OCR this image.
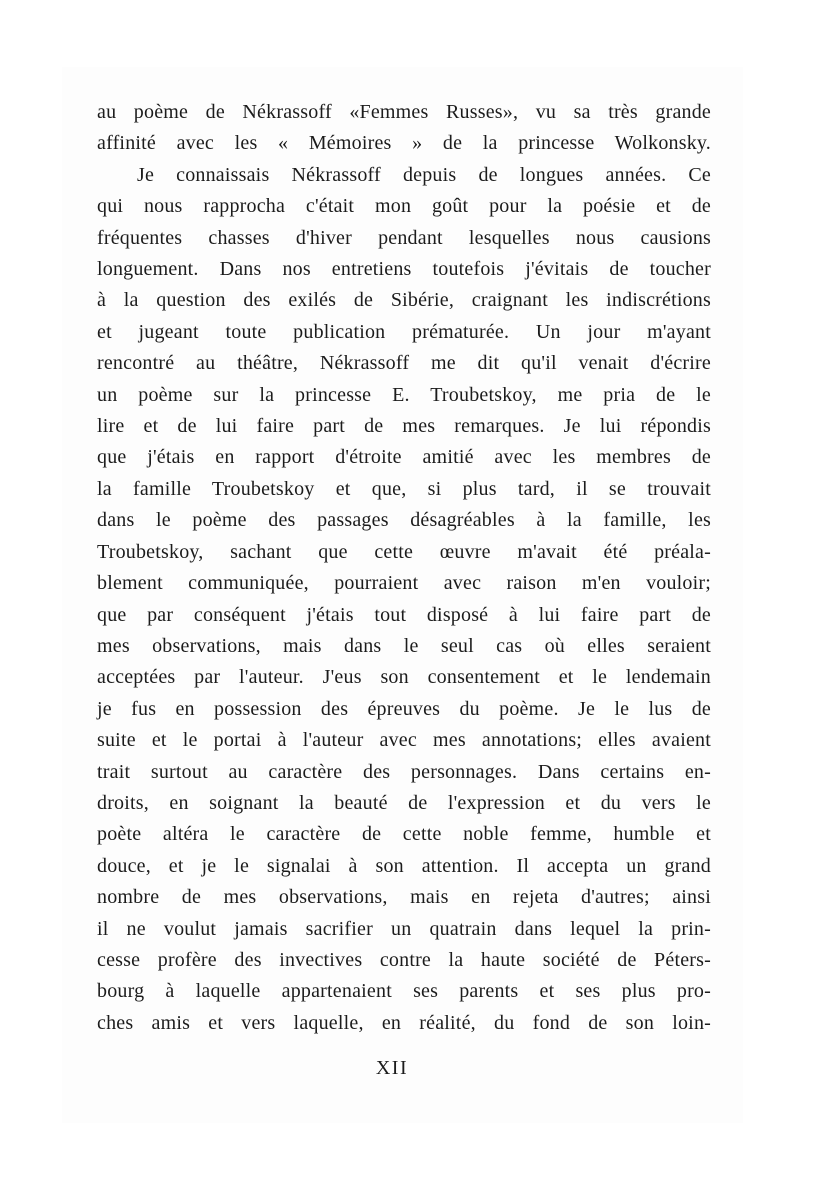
au poème de Nékrassoff «Femmes Russes», vu sa très grande
affinité avec les « Mémoires » de la princesse Wolkonsky.
Je connaissais Nékrassoff depuis de longues années. Ce
qui nous rapprocha c'était mon goût pour la poésie et de
fréquentes chasses d'hiver pendant lesquelles nous causions
longuement. Dans nos entretiens toutefois j'évitais de toucher
à la question des exilés de Sibérie, craignant les indiscrétions
et jugeant toute publication prématurée. Un jour m'ayant
rencontré au théâtre, Nékrassoff me dit qu'il venait d'écrire
un poème sur la princesse E. Troubetskoy, me pria de le
lire et de lui faire part de mes remarques. Je lui répondis
que j'étais en rapport d'étroite amitié avec les membres de
la famille Troubetskoy et que, si plus tard, il se trouvait
dans le poème des passages désagréables à la famille, les
Troubetskoy, sachant que cette œuvre m'avait été préala-
blement communiquée, pourraient avec raison m'en vouloir;
que par conséquent j'étais tout disposé à lui faire part de
mes observations, mais dans le seul cas où elles seraient
acceptées par l'auteur. J'eus son consentement et le lendemain
je fus en possession des épreuves du poème. Je le lus de
suite et le portai à l'auteur avec mes annotations; elles avaient
trait surtout au caractère des personnages. Dans certains en-
droits, en soignant la beauté de l'expression et du vers le
poète altéra le caractère de cette noble femme, humble et
douce, et je le signalai à son attention. Il accepta un grand
nombre de mes observations, mais en rejeta d'autres; ainsi
il ne voulut jamais sacrifier un quatrain dans lequel la prin-
cesse profère des invectives contre la haute société de Péters-
bourg à laquelle appartenaient ses parents et ses plus pro-
ches amis et vers laquelle, en réalité, du fond de son loin-
XII
